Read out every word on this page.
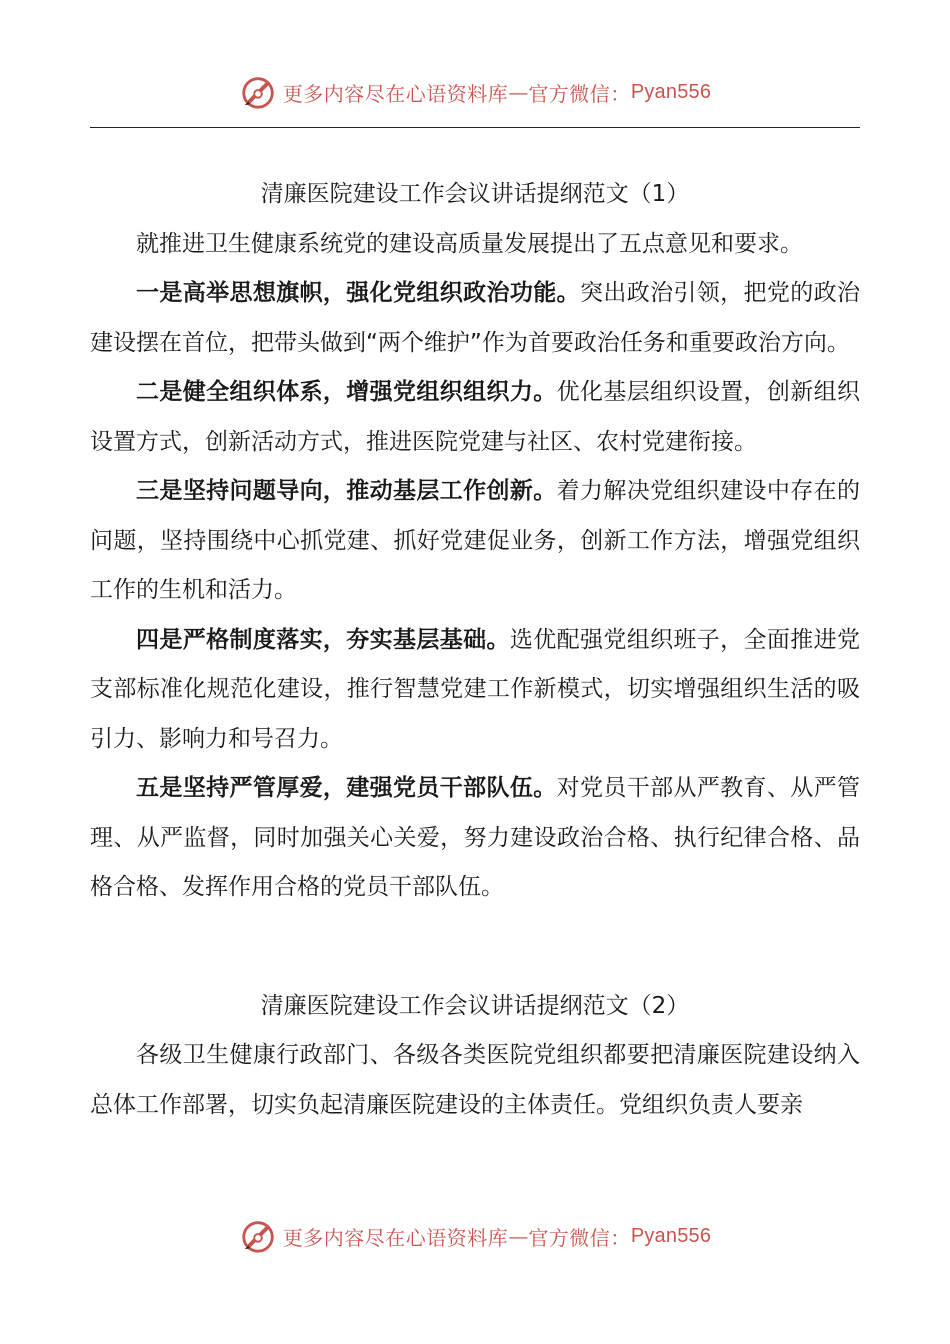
更多内容尽在心语资料库 — 官方微信： Pyan556
清廉医院建设工作会议讲话提纲范文（1）

就推进卫生健康系统党的建设高质量发展提出了五点意见和要求。

一是高举思想旗帜，强化党组织政治功能。突出政治引领，把党的政治建设摆在首位，把带头做到“两个维护”作为首要政治任务和重要政治方向。

二是健全组织体系，增强党组织组织力。优化基层组织设置，创新组织设置方式，创新活动方式，推进医院党建与社区、农村党建衔接。

三是坚持问题导向，推动基层工作创新。着力解决党组织建设中存在的问题，坚持围绕中心抓党建、抓好党建促业务，创新工作方法，增强党组织工作的生机和活力。

四是严格制度落实，夯实基层基础。选优配强党组织班子，全面推进党支部标准化规范化建设，推行智慧党建工作新模式，切实增强组织生活的吸引力、影响力和号召力。

五是坚持严管厚爱，建强党员干部队伍。对党员干部从严教育、从严管理、从严监督，同时加强关心关爱，努力建设政治合格、执行纪律合格、品格合格、发挥作用合格的党员干部队伍。

清廉医院建设工作会议讲话提纲范文（2）

各级卫生健康行政部门、各级各类医院党组织都要把清廉医院建设纳入总体工作部署，切实负起清廉医院建设的主体责任。党组织负责人要亲

更多内容尽在心语资料库 — 官方微信： Pyan556
